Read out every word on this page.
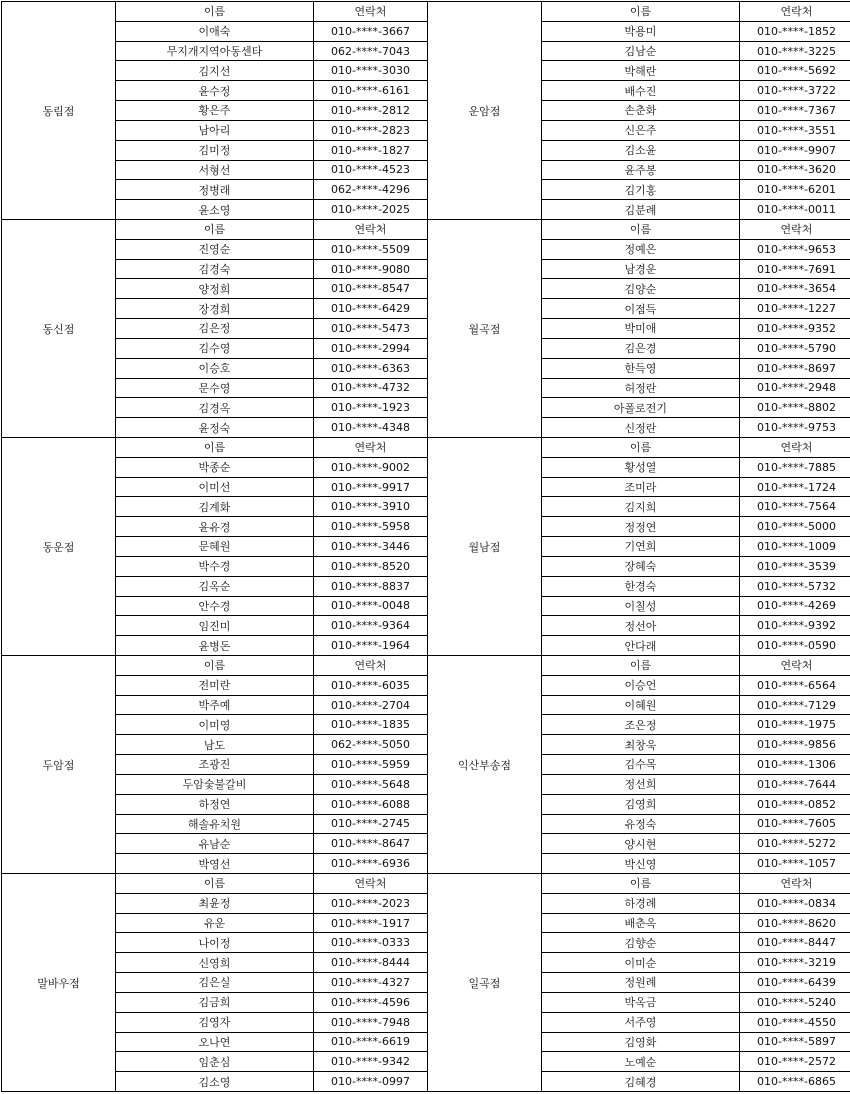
동림점
이름	연락처
이애숙	010-****-3667
무지개지역아동센타	062-****-7043
김지선	010-****-3030
윤수정	010-****-6161
황은주	010-****-2812
남아리	010-****-2823
김미정	010-****-1827
서형선	010-****-4523
정병래	062-****-4296
윤소영	010-****-2025
운암점
이름	연락처
박용미	010-****-1852
김남순	010-****-3225
박해란	010-****-5692
배수진	010-****-3722
손춘화	010-****-7367
신은주	010-****-3551
김소윤	010-****-9907
윤주봉	010-****-3620
김기홍	010-****-6201
김분례	010-****-0011
동신점
이름	연락처
진영순	010-****-5509
김경숙	010-****-9080
양정희	010-****-8547
장경희	010-****-6429
김은정	010-****-5473
김수영	010-****-2994
이승호	010-****-6363
문수영	010-****-4732
김경옥	010-****-1923
윤정숙	010-****-4348
월곡점
이름	연락처
정예은	010-****-9653
남경운	010-****-7691
김양순	010-****-3654
이점득	010-****-1227
박미애	010-****-9352
김은경	010-****-5790
한득영	010-****-8697
허정란	010-****-2948
아폴로전기	010-****-8802
신정란	010-****-9753
동운점
이름	연락처
박종순	010-****-9002
이미선	010-****-9917
김계화	010-****-3910
윤유경	010-****-5958
문혜원	010-****-3446
박수경	010-****-8520
김옥순	010-****-8837
안수경	010-****-0048
임진미	010-****-9364
윤병돈	010-****-1964
월남점
이름	연락처
황성열	010-****-7885
조미라	010-****-1724
김지희	010-****-7564
정정연	010-****-5000
기연희	010-****-1009
장혜숙	010-****-3539
한경숙	010-****-5732
이칠성	010-****-4269
정선아	010-****-9392
안다래	010-****-0590
두암점
이름	연락처
전미란	010-****-6035
박주예	010-****-2704
이미영	010-****-1835
남도	062-****-5050
조광진	010-****-5959
두암숯불갈비	010-****-5648
하정연	010-****-6088
해솔유치원	010-****-2745
유남순	010-****-8647
박영선	010-****-6936
익산부송점
이름	연락처
이승언	010-****-6564
이혜원	010-****-7129
조은정	010-****-1975
최창욱	010-****-9856
김수목	010-****-1306
정선희	010-****-7644
김영희	010-****-0852
유정숙	010-****-7605
양시현	010-****-5272
박신영	010-****-1057
말바우점
이름	연락처
최윤정	010-****-2023
유운	010-****-1917
나이정	010-****-0333
신영희	010-****-8444
김은실	010-****-4327
김금희	010-****-4596
김영자	010-****-7948
오나연	010-****-6619
임춘심	010-****-9342
김소영	010-****-0997
일곡점
이름	연락처
하경례	010-****-0834
배춘옥	010-****-8620
김향순	010-****-8447
이미순	010-****-3219
정원례	010-****-6439
박옥금	010-****-5240
서주영	010-****-4550
김영화	010-****-5897
노예순	010-****-2572
김혜경	010-****-6865
